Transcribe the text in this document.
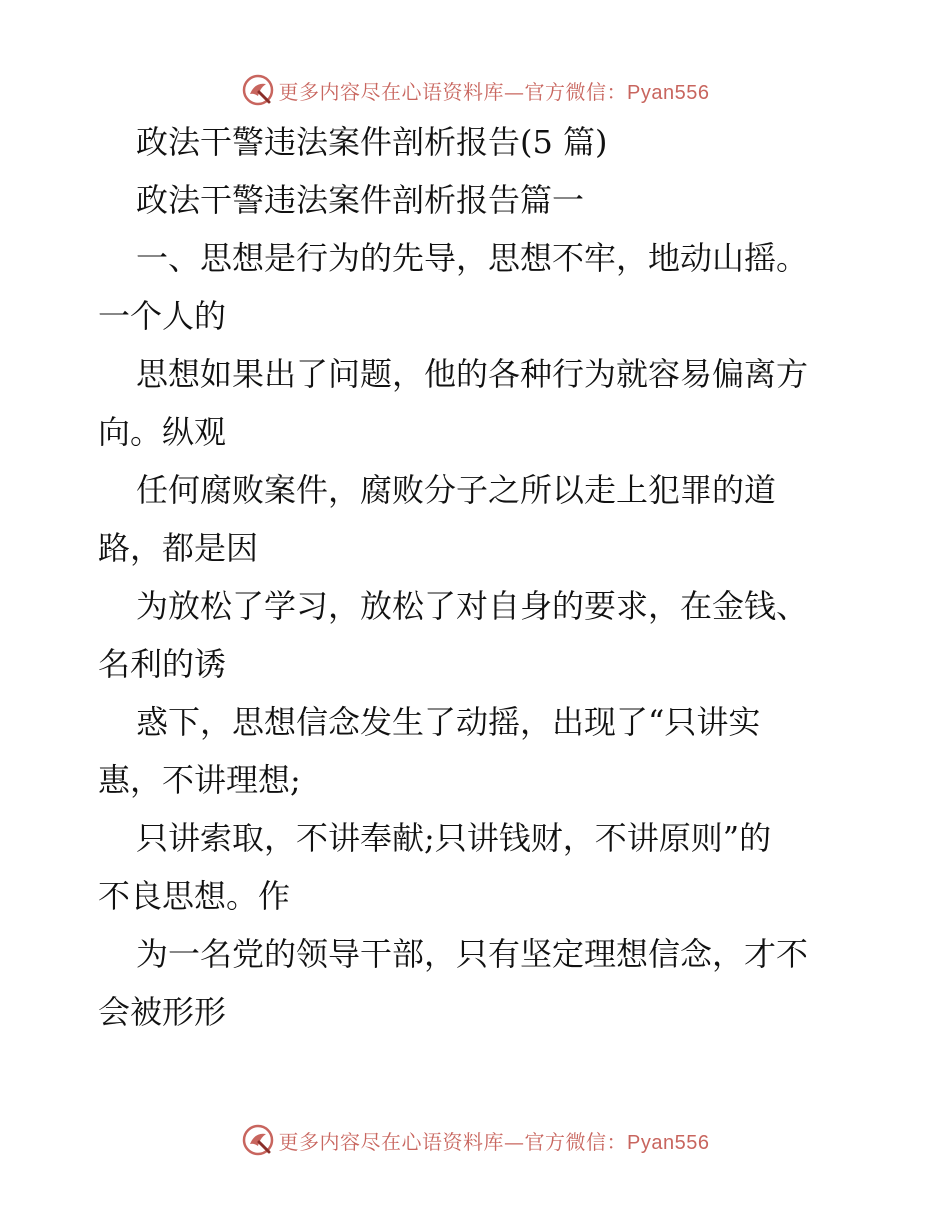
更多内容尽在心语资料库—官方微信：Pyan556
政法干警违法案件剖析报告(5 篇)
政法干警违法案件剖析报告篇一
一、思想是行为的先导，思想不牢，地动山摇。
一个人的
思想如果出了问题，他的各种行为就容易偏离方
向。纵观
任何腐败案件，腐败分子之所以走上犯罪的道
路，都是因
为放松了学习，放松了对自身的要求，在金钱、
名利的诱
惑下，思想信念发生了动摇，出现了“只讲实
惠，不讲理想;
只讲索取，不讲奉献;只讲钱财，不讲原则”的
不良思想。作
为一名党的领导干部，只有坚定理想信念，才不
会被形形
更多内容尽在心语资料库—官方微信：Pyan556
